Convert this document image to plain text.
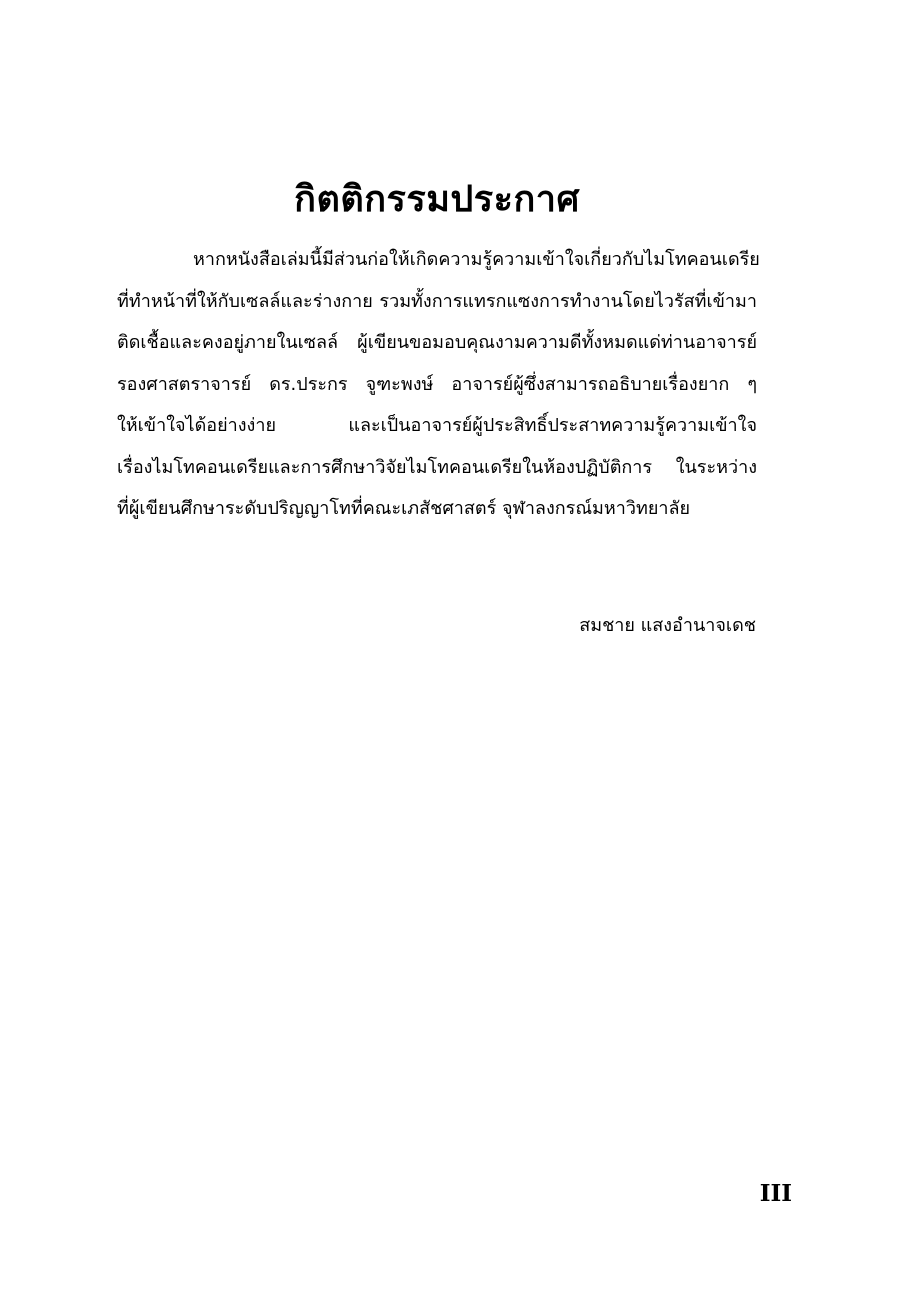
กิตติกรรมประกาศ
หากหนังสือเล่มนี้มีส่วนก่อให้เกิดความรู้ความเข้าใจเกี่ยวกับไมโทคอนเดรีย
ที่ทำหน้าที่ให้กับเซลล์และร่างกาย รวมทั้งการแทรกแซงการทำงานโดยไวรัสที่เข้ามา
ติดเชื้อและคงอยู่ภายในเซลล์ ผู้เขียนขอมอบคุณงามความดีทั้งหมดแด่ท่านอาจารย์
รองศาสตราจารย์ ดร.ประกร จูฑะพงษ์ อาจารย์ผู้ซึ่งสามารถอธิบายเรื่องยาก ๆ
ให้เข้าใจได้อย่างง่าย และเป็นอาจารย์ผู้ประสิทธิ์ประสาทความรู้ความเข้าใจ
เรื่องไมโทคอนเดรียและการศึกษาวิจัยไมโทคอนเดรียในห้องปฏิบัติการ ในระหว่าง
ที่ผู้เขียนศึกษาระดับปริญญาโทที่คณะเภสัชศาสตร์ จุฬาลงกรณ์มหาวิทยาลัย
สมชาย แสงอำนาจเดช
III
